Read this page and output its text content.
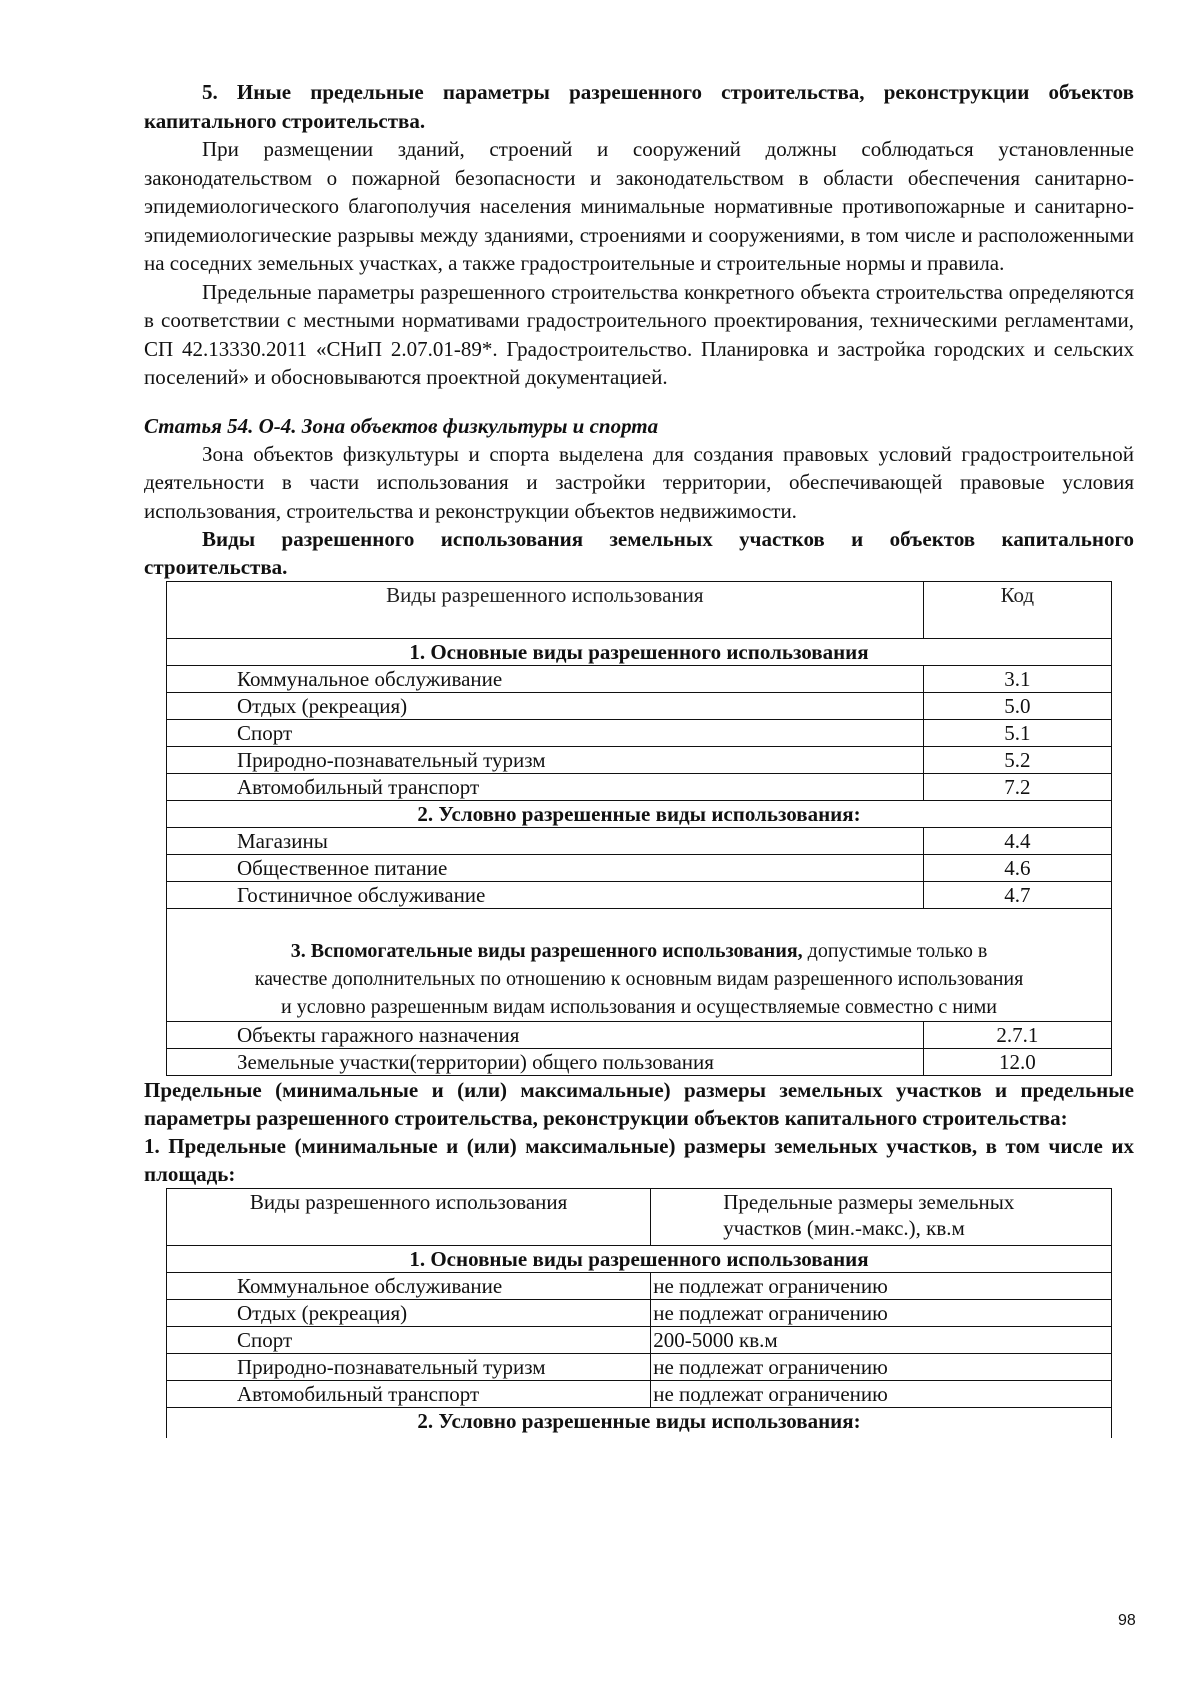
5. Иные предельные параметры разрешенного строительства, реконструкции объектов капитального строительства.

При размещении зданий, строений и сооружений должны соблюдаться установленные законодательством о пожарной безопасности и законодательством в области обеспечения санитарно-эпидемиологического благополучия населения минимальные нормативные противопожарные и санитарно-эпидемиологические разрывы между зданиями, строениями и сооружениями, в том числе и расположенными на соседних земельных участках, а также градостроительные и строительные нормы и правила.

Предельные параметры разрешенного строительства конкретного объекта строительства определяются в соответствии с местными нормативами градостроительного проектирования, техническими регламентами, СП 42.13330.2011 «СНиП 2.07.01-89*. Градостроительство. Планировка и застройка городских и сельских поселений» и обосновываются проектной документацией.

Статья 54. О-4. Зона объектов физкультуры и спорта

Зона объектов физкультуры и спорта выделена для создания правовых условий градостроительной деятельности в части использования и застройки территории, обеспечивающей правовые условия использования, строительства и реконструкции объектов недвижимости.

Виды разрешенного использования земельных участков и объектов капитального строительства.

Виды разрешенного использования	Код
1. Основные виды разрешенного использования	
Коммунальное обслуживание	3.1
Отдых (рекреация)	5.0
Спорт	5.1
Природно-познавательный туризм	5.2
Автомобильный транспорт	7.2
2. Условно разрешенные виды использования:	
Магазины	4.4
Общественное питание	4.6
Гостиничное обслуживание	4.7
3. Вспомогательные виды разрешенного использования, допустимые только в
качестве дополнительных по отношению к основным видам разрешенного использования
и условно разрешенным видам использования и осуществляемые совместно с ними	
Объекты гаражного назначения	2.7.1
Земельные участки(территории) общего пользования	12.0

Предельные (минимальные и (или) максимальные) размеры земельных участков и предельные параметры разрешенного строительства, реконструкции объектов капитального строительства:

1. Предельные (минимальные и (или) максимальные) размеры земельных участков, в том числе их площадь:

Виды разрешенного использования	Предельные размеры земельных
участков (мин.-макс.), кв.м
1. Основные виды разрешенного использования	
Коммунальное обслуживание	не подлежат ограничению
Отдых (рекреация)	не подлежат ограничению
Спорт	200-5000 кв.м
Природно-познавательный туризм	не подлежат ограничению
Автомобильный транспорт	не подлежат ограничению
2. Условно разрешенные виды использования:	
98
